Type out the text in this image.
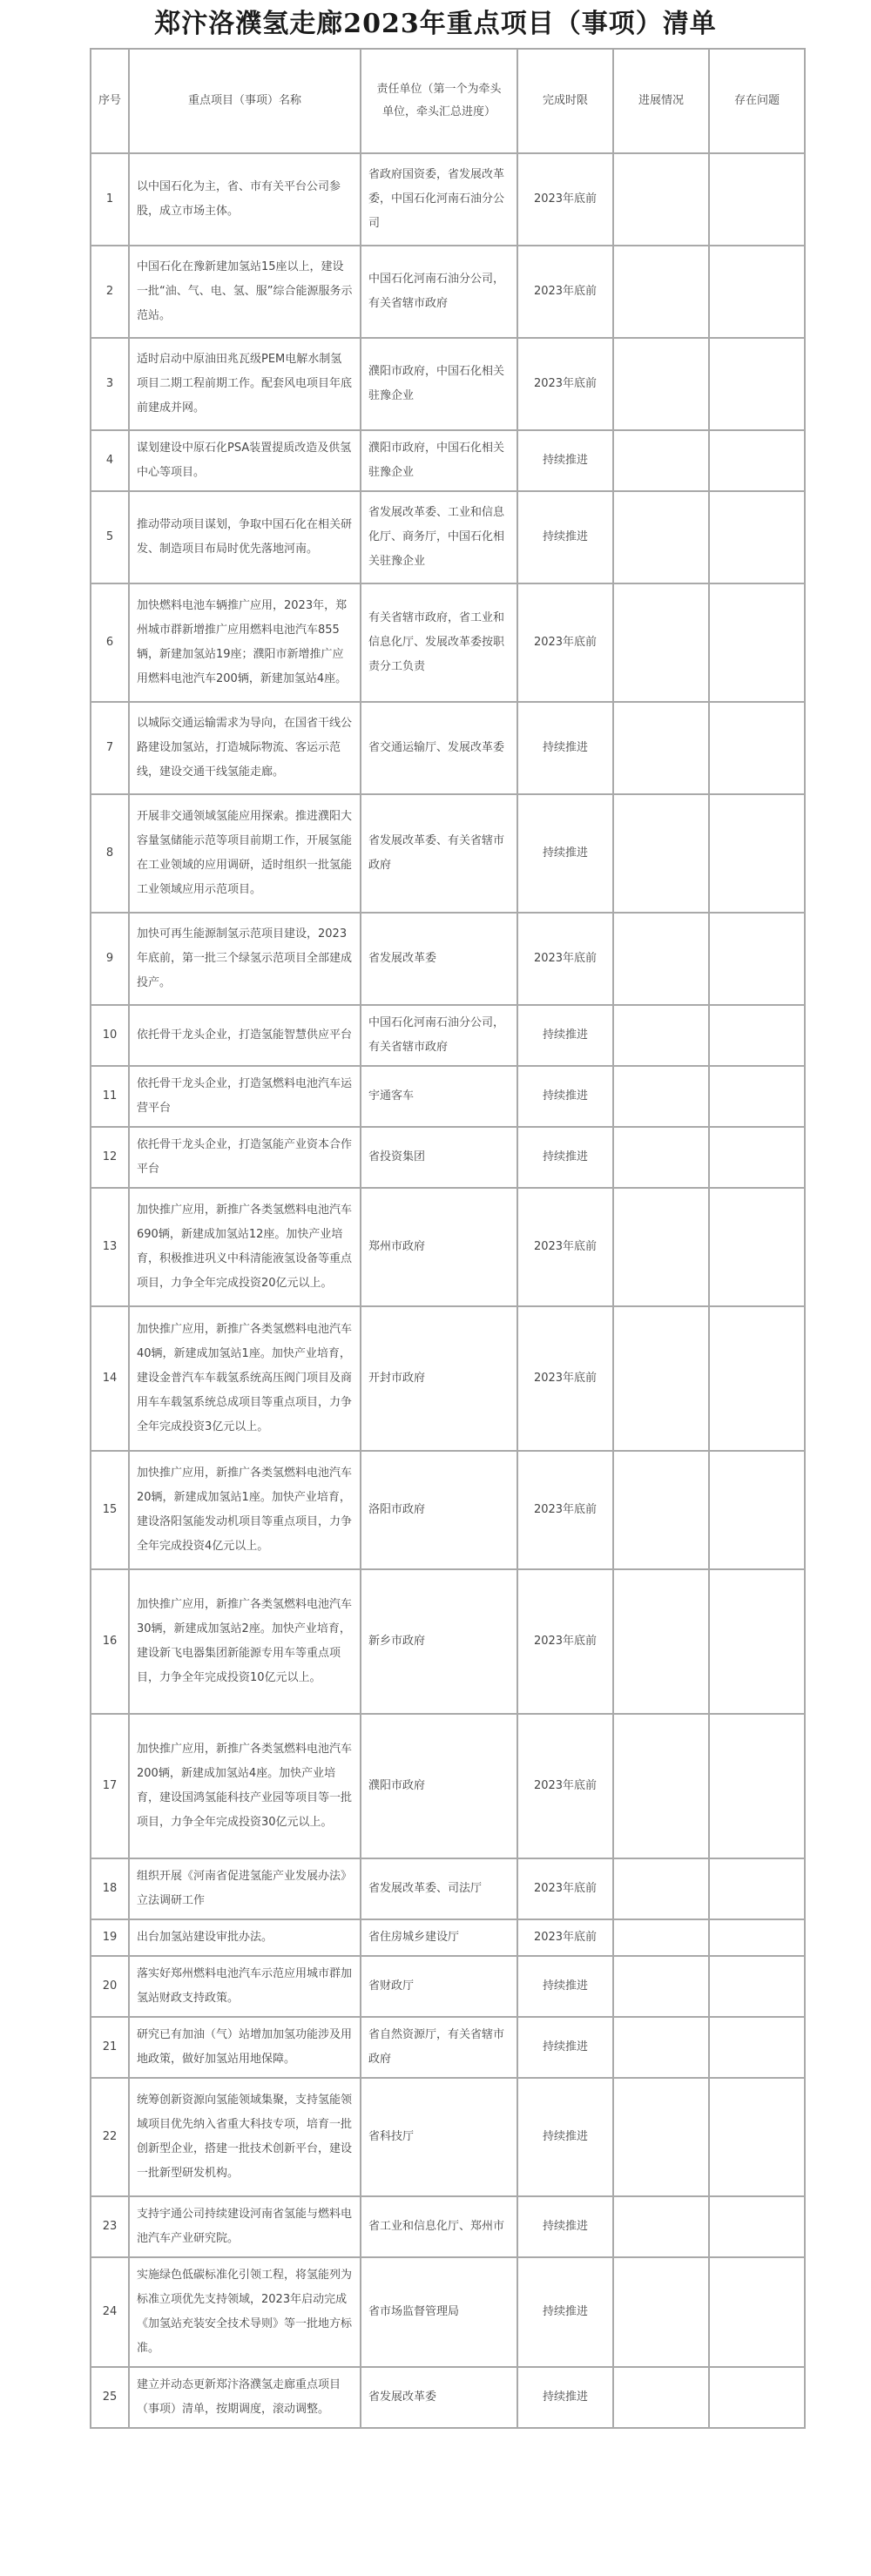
郑汴洛濮氢走廊2023年重点项目（事项）清单
序号	重点项目（事项）名称	责任单位（第一个为牵头
单位，牵头汇总进度）	完成时限	进展情况	存在问题
1	以中国石化为主，省、市有关平台公司参股，成立市场主体。	省政府国资委，省发展改革委，中国石化河南石油分公司	2023年底前		
2	中国石化在豫新建加氢站15座以上，建设一批“油、气、电、氢、服”综合能源服务示范站。	中国石化河南石油分公司，有关省辖市政府	2023年底前		
3	适时启动中原油田兆瓦级PEM电解水制氢项目二期工程前期工作。配套风电项目年底前建成并网。	濮阳市政府，中国石化相关驻豫企业	2023年底前		
4	谋划建设中原石化PSA装置提质改造及供氢中心等项目。	濮阳市政府，中国石化相关驻豫企业	持续推进		
5	推动带动项目谋划，争取中国石化在相关研发、制造项目布局时优先落地河南。	省发展改革委、工业和信息化厅、商务厅，中国石化相关驻豫企业	持续推进		
6	加快燃料电池车辆推广应用，2023年，郑州城市群新增推广应用燃料电池汽车855辆，新建加氢站19座；濮阳市新增推广应用燃料电池汽车200辆，新建加氢站4座。	有关省辖市政府，省工业和信息化厅、发展改革委按职责分工负责	2023年底前		
7	以城际交通运输需求为导向，在国省干线公路建设加氢站，打造城际物流、客运示范线，建设交通干线氢能走廊。	省交通运输厅、发展改革委	持续推进		
8	开展非交通领域氢能应用探索。推进濮阳大容量氢储能示范等项目前期工作，开展氢能在工业领域的应用调研，适时组织一批氢能工业领域应用示范项目。	省发展改革委、有关省辖市政府	持续推进		
9	加快可再生能源制氢示范项目建设，2023年底前，第一批三个绿氢示范项目全部建成投产。	省发展改革委	2023年底前		
10	依托骨干龙头企业，打造氢能智慧供应平台	中国石化河南石油分公司，有关省辖市政府	持续推进		
11	依托骨干龙头企业，打造氢燃料电池汽车运营平台	宇通客车	持续推进		
12	依托骨干龙头企业，打造氢能产业资本合作平台	省投资集团	持续推进		
13	加快推广应用，新推广各类氢燃料电池汽车690辆，新建成加氢站12座。加快产业培育，积极推进巩义中科清能液氢设备等重点项目，力争全年完成投资20亿元以上。	郑州市政府	2023年底前		
14	加快推广应用，新推广各类氢燃料电池汽车40辆，新建成加氢站1座。加快产业培育，建设金普汽车车载氢系统高压阀门项目及商用车车载氢系统总成项目等重点项目，力争全年完成投资3亿元以上。	开封市政府	2023年底前		
15	加快推广应用，新推广各类氢燃料电池汽车20辆，新建成加氢站1座。加快产业培育，建设洛阳氢能发动机项目等重点项目，力争全年完成投资4亿元以上。	洛阳市政府	2023年底前		
16	加快推广应用，新推广各类氢燃料电池汽车30辆，新建成加氢站2座。加快产业培育，建设新飞电器集团新能源专用车等重点项目，力争全年完成投资10亿元以上。	新乡市政府	2023年底前		
17	加快推广应用，新推广各类氢燃料电池汽车200辆，新建成加氢站4座。加快产业培育，建设国鸿氢能科技产业园等项目等一批项目，力争全年完成投资30亿元以上。	濮阳市政府	2023年底前		
18	组织开展《河南省促进氢能产业发展办法》立法调研工作	省发展改革委、司法厅	2023年底前		
19	出台加氢站建设审批办法。	省住房城乡建设厅	2023年底前		
20	落实好郑州燃料电池汽车示范应用城市群加氢站财政支持政策。	省财政厅	持续推进		
21	研究已有加油（气）站增加加氢功能涉及用地政策，做好加氢站用地保障。	省自然资源厅，有关省辖市政府	持续推进		
22	统筹创新资源向氢能领域集聚，支持氢能领域项目优先纳入省重大科技专项，培育一批创新型企业，搭建一批技术创新平台，建设一批新型研发机构。	省科技厅	持续推进		
23	支持宇通公司持续建设河南省氢能与燃料电池汽车产业研究院。	省工业和信息化厅、郑州市	持续推进		
24	实施绿色低碳标准化引领工程，将氢能列为标准立项优先支持领域，2023年启动完成《加氢站充装安全技术导则》等一批地方标准。	省市场监督管理局	持续推进		
25	建立并动态更新郑汴洛濮氢走廊重点项目（事项）清单，按期调度，滚动调整。	省发展改革委	持续推进		
